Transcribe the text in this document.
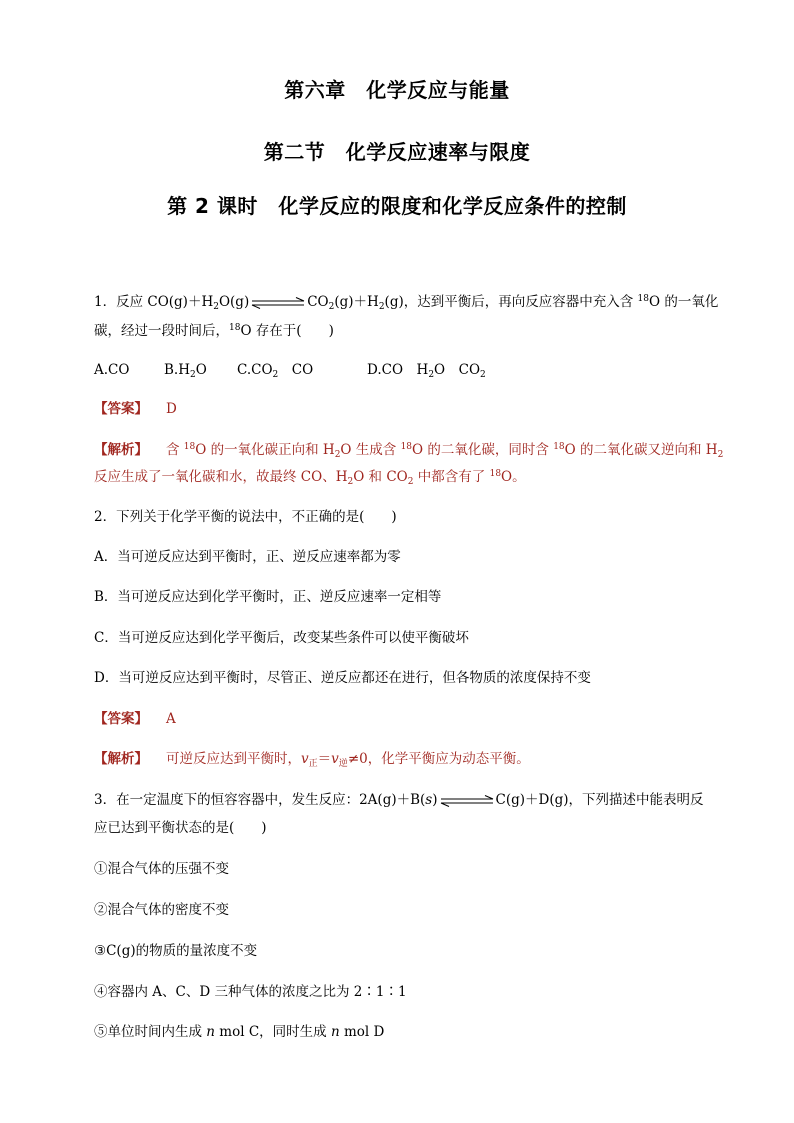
第六章　化学反应与能量
第二节　化学反应速率与限度
第 2 课时　化学反应的限度和化学反应条件的控制
1．反应 $CO(g)+H_2O(g)$ ⇌ $CO_2(g)+H_2(g)$，达到平衡后，再向反应容器中充入含 $^{18}$O 的一氧化
碳，经过一段时间后，$^{18}$O 存在于(　　)
A.CO	$B.H_2O$ $C.CO_2$　CO	D.CO　$H_2O$　$CO_2$
【答案】 D
【解析】 含 $^{18}$O 的一氧化碳正向和 $H_2O$ 生成含 $^{18}$O 的二氧化碳，同时含 $^{18}$O 的二氧化碳又逆向和 $H_2$
反应生成了一氧化碳和水，故最终 CO、$H_2O$ 和 $CO_2$ 中都含有了 $^{18}$O。
2．下列关于化学平衡的说法中，不正确的是(　　)
A．当可逆反应达到平衡时，正、逆反应速率都为零
B．当可逆反应达到化学平衡时，正、逆反应速率一定相等
C．当可逆反应达到化学平衡后，改变某些条件可以使平衡破坏
D．当可逆反应达到平衡时，尽管正、逆反应都还在进行，但各物质的浓度保持不变
【答案】 A
【解析】 可逆反应达到平衡时，$v_正=v_逆\ne 0$，化学平衡应为动态平衡。
3．在一定温度下的恒容容器中，发生反应：2A(g)＋B(s) ⇌ C(g)＋D(g)，下列描述中能表明反
应已达到平衡状态的是(　　)
①混合气体的压强不变
②混合气体的密度不变
③C(g)的物质的量浓度不变
④容器内 A、C、D 三种气体的浓度之比为 2∶1∶1
⑤单位时间内生成 n mol C，同时生成 n mol D
